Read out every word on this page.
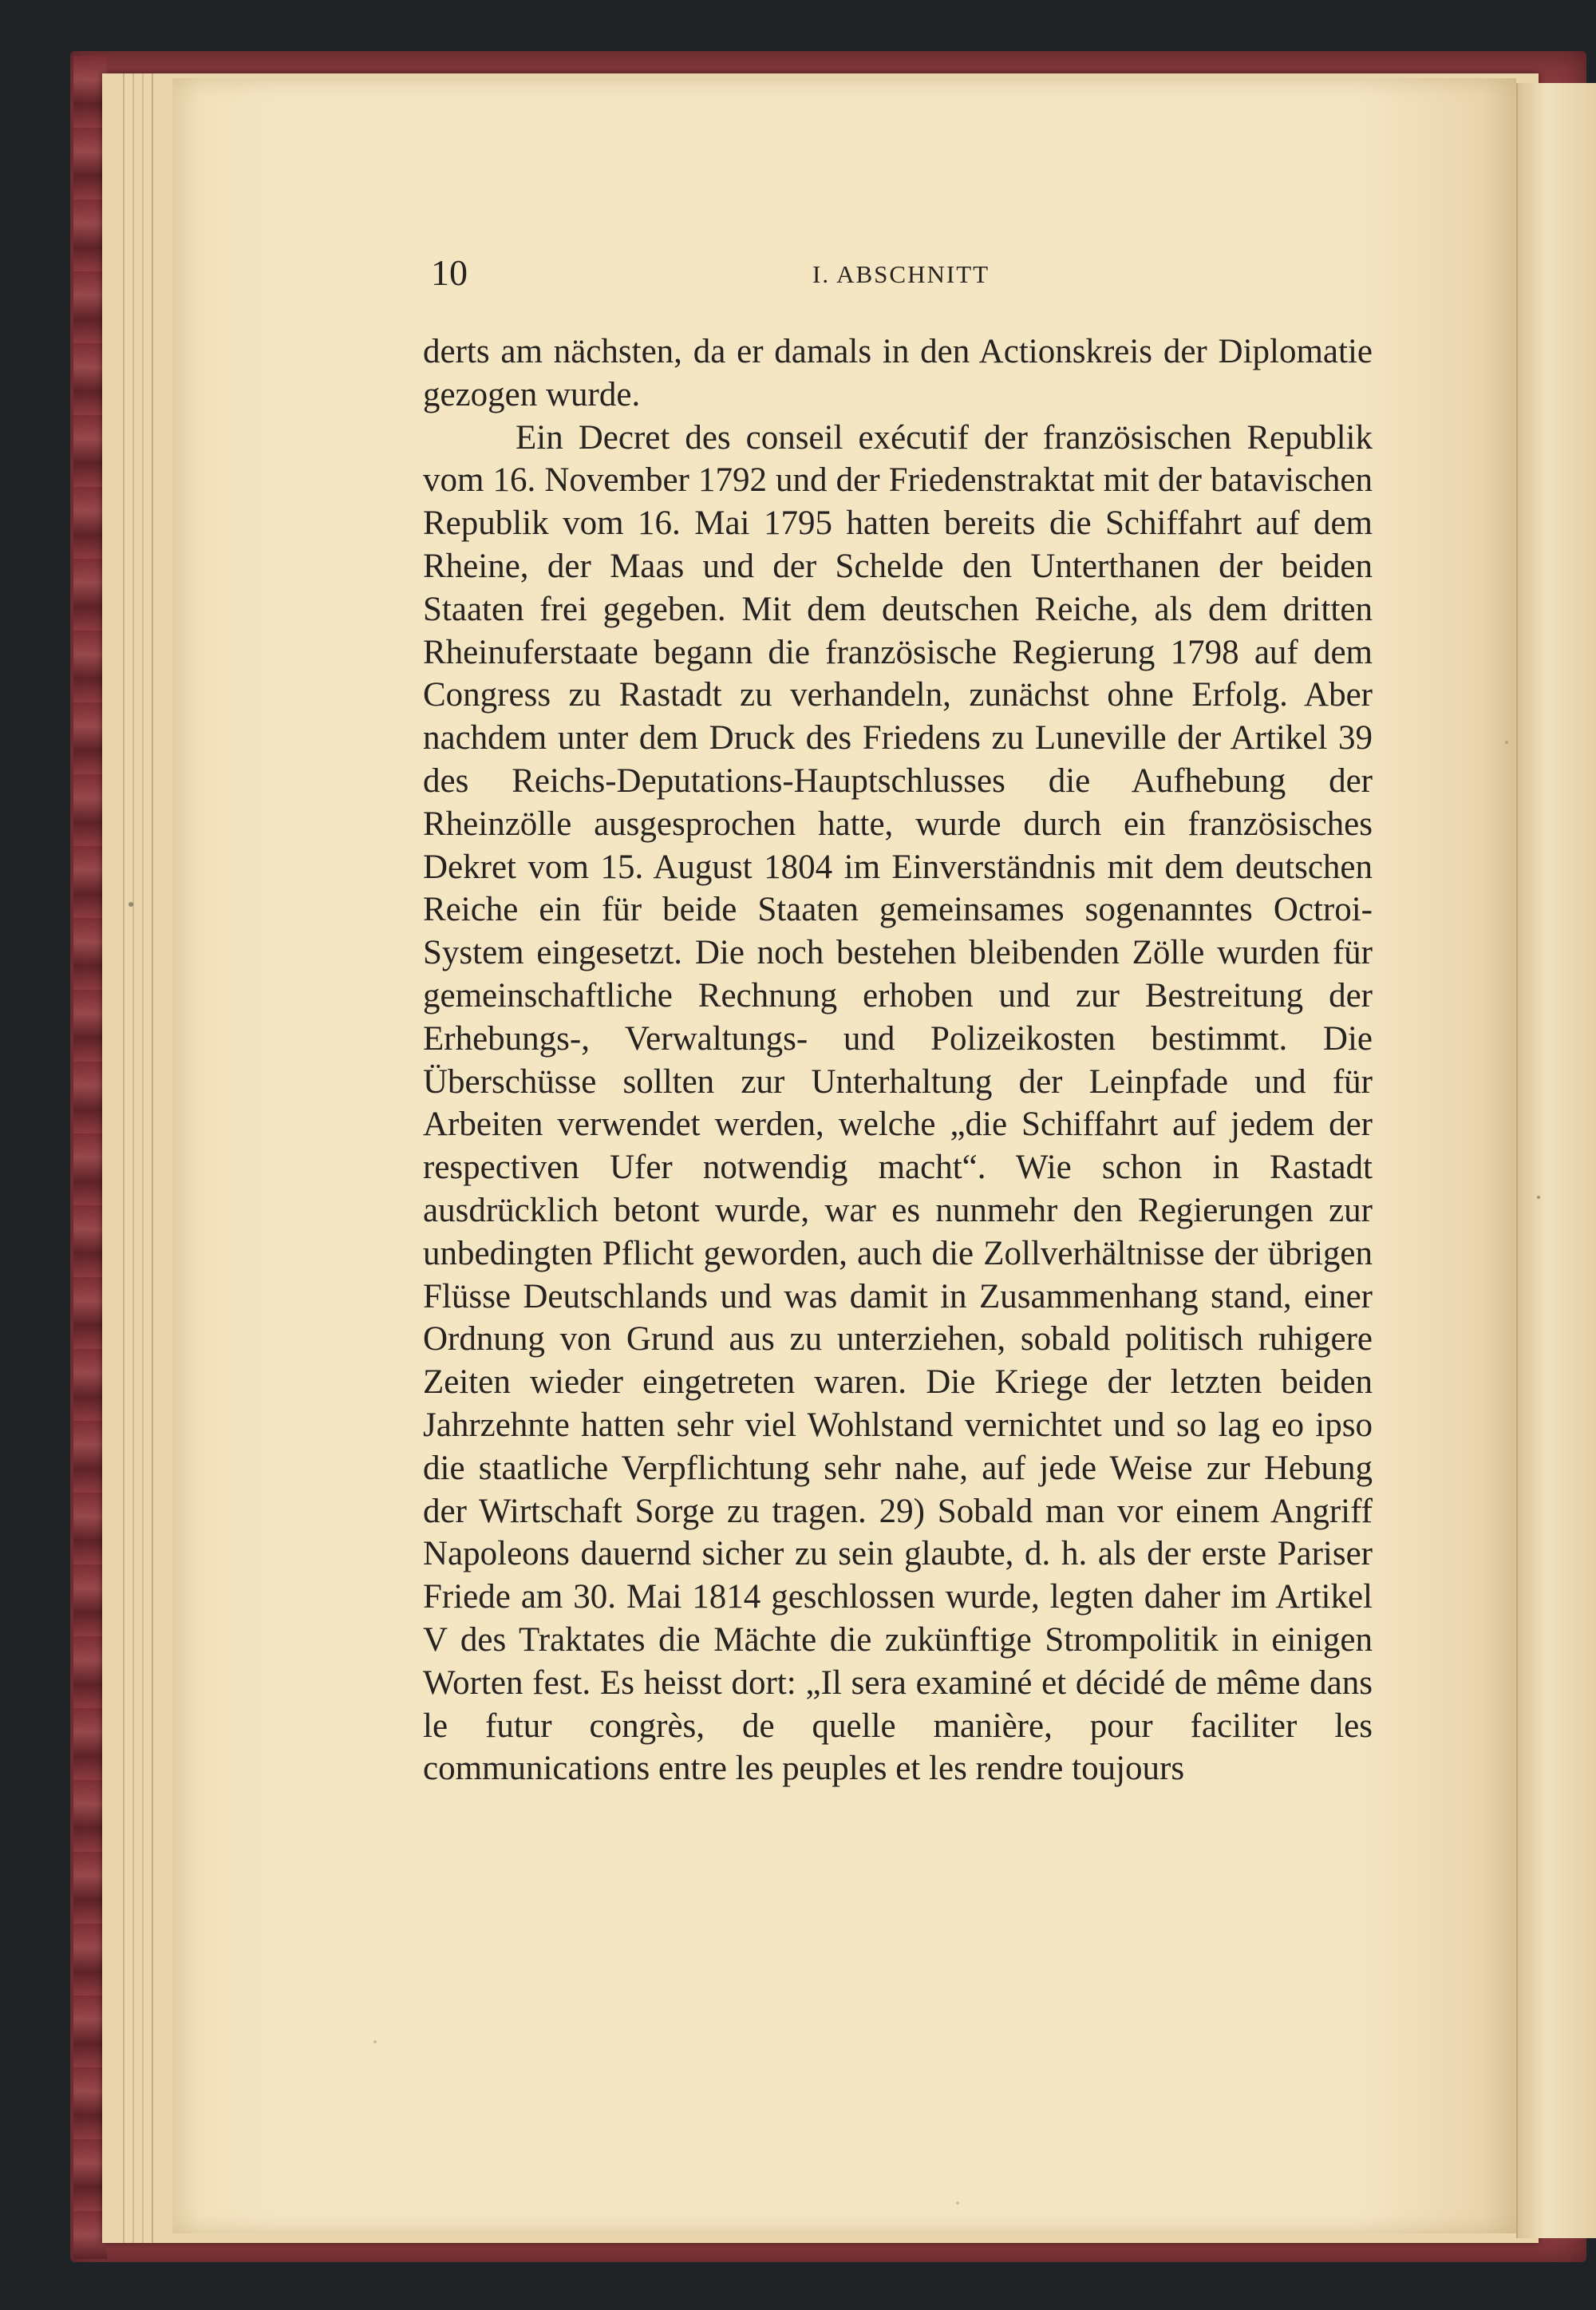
10	I. ABSCHNITT

derts am nächsten, da er damals in den Actionskreis der Diplomatie gezogen wurde.

Ein Decret des conseil exécutif der französischen Republik vom 16. November 1792 und der Friedenstraktat mit der batavischen Republik vom 16. Mai 1795 hatten bereits die Schiffahrt auf dem Rheine, der Maas und der Schelde den Unterthanen der beiden Staaten frei gegeben. Mit dem deutschen Reiche, als dem dritten Rheinuferstaate begann die französische Regierung 1798 auf dem Congress zu Rastadt zu verhandeln, zunächst ohne Erfolg. Aber nachdem unter dem Druck des Friedens zu Luneville der Artikel 39 des Reichs-Deputations-Hauptschlusses die Aufhebung der Rheinzölle ausgesprochen hatte, wurde durch ein französisches Dekret vom 15. August 1804 im Einverständnis mit dem deutschen Reiche ein für beide Staaten gemeinsames sogenanntes Octroi-System eingesetzt. Die noch bestehen bleibenden Zölle wurden für gemeinschaftliche Rechnung erhoben und zur Bestreitung der Erhebungs-, Verwaltungs- und Polizeikosten bestimmt. Die Überschüsse sollten zur Unterhaltung der Leinpfade und für Arbeiten verwendet werden, welche „die Schiffahrt auf jedem der respectiven Ufer notwendig macht“. Wie schon in Rastadt ausdrücklich betont wurde, war es nunmehr den Regierungen zur unbedingten Pflicht geworden, auch die Zollverhältnisse der übrigen Flüsse Deutschlands und was damit in Zusammenhang stand, einer Ordnung von Grund aus zu unterziehen, sobald politisch ruhigere Zeiten wieder eingetreten waren. Die Kriege der letzten beiden Jahrzehnte hatten sehr viel Wohlstand vernichtet und so lag eo ipso die staatliche Verpflichtung sehr nahe, auf jede Weise zur Hebung der Wirtschaft Sorge zu tragen. 29) Sobald man vor einem Angriff Napoleons dauernd sicher zu sein glaubte, d. h. als der erste Pariser Friede am 30. Mai 1814 geschlossen wurde, legten daher im Artikel V des Traktates die Mächte die zukünftige Strompolitik in einigen Worten fest. Es heisst dort: „Il sera examiné et décidé de même dans le futur congrès, de quelle manière, pour faciliter les communications entre les peuples et les rendre toujours
